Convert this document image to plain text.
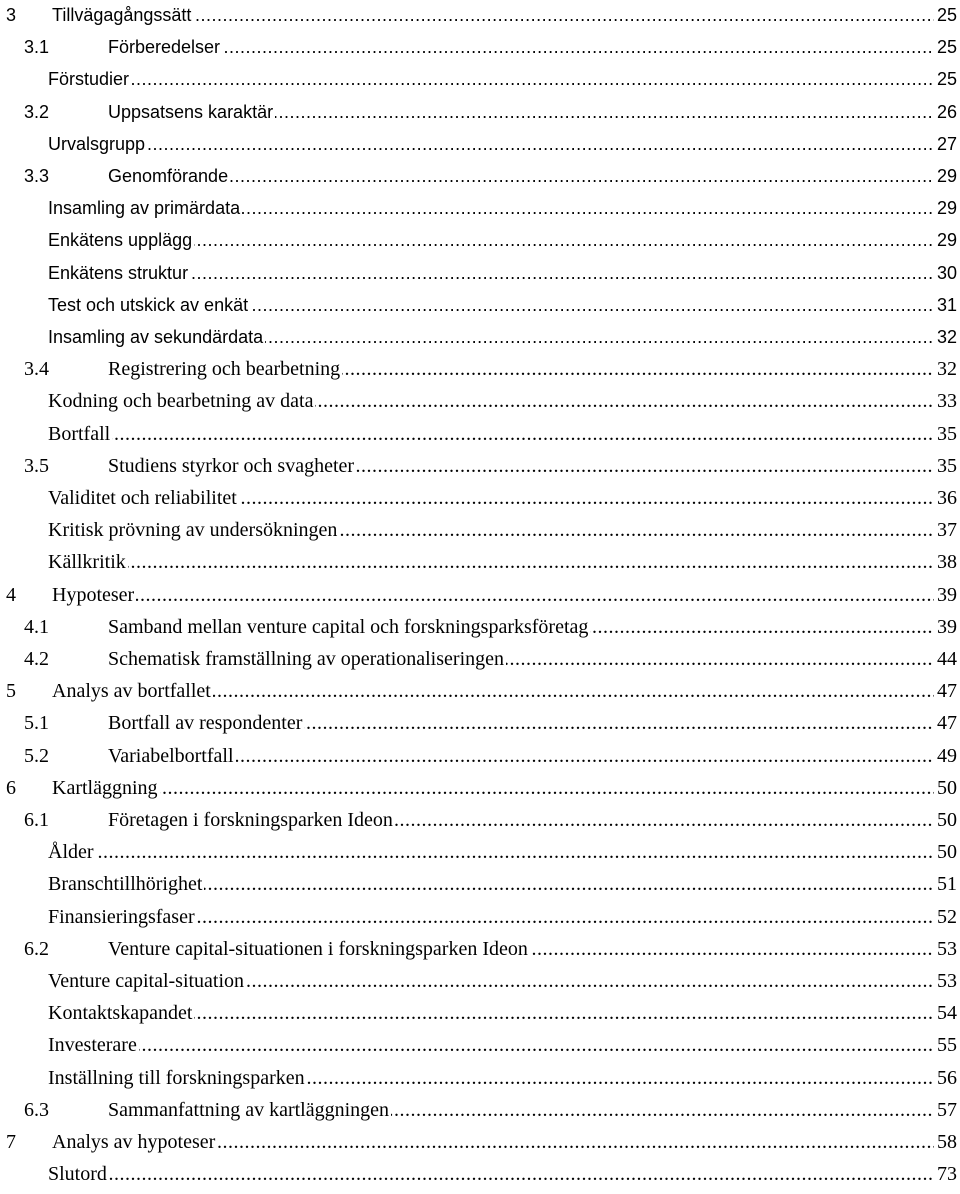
3 Tillvägagångssätt .....	25
3.1	Förberedelser .....	25
Förstudier .....	25
3.2	Uppsatsens karaktär .....	26
Urvalsgrupp .....	27
3.3	Genomförande .....	29
Insamling av primärdata .....	29
Enkätens upplägg .....	29
Enkätens struktur .....	30
Test och utskick av enkät .....	31
Insamling av sekundärdata .....	32
3.4	Registrering och bearbetning .....	32
Kodning och bearbetning av data .....	33
Bortfall .....	35
3.5	Studiens styrkor och svagheter .....	35
Validitet och reliabilitet .....	36
Kritisk prövning av undersökningen .....	37
Källkritik .....	38
4 Hypoteser .....	39
4.1	Samband mellan venture capital och forskningsparksföretag .....	39
4.2	Schematisk framställning av operationaliseringen .....	44
5 Analys av bortfallet .....	47
5.1	Bortfall av respondenter .....	47
5.2	Variabelbortfall .....	49
6 Kartläggning .....	50
6.1	Företagen i forskningsparken Ideon .....	50
Ålder .....	50
Branschtillhörighet .....	51
Finansieringsfaser .....	52
6.2	Venture capital-situationen i forskningsparken Ideon .....	53
Venture capital-situation .....	53
Kontaktskapandet .....	54
Investerare .....	55
Inställning till forskningsparken .....	56
6.3	Sammanfattning av kartläggningen .....	57
7 Analys av hypoteser .....	58
Slutord .....	73
